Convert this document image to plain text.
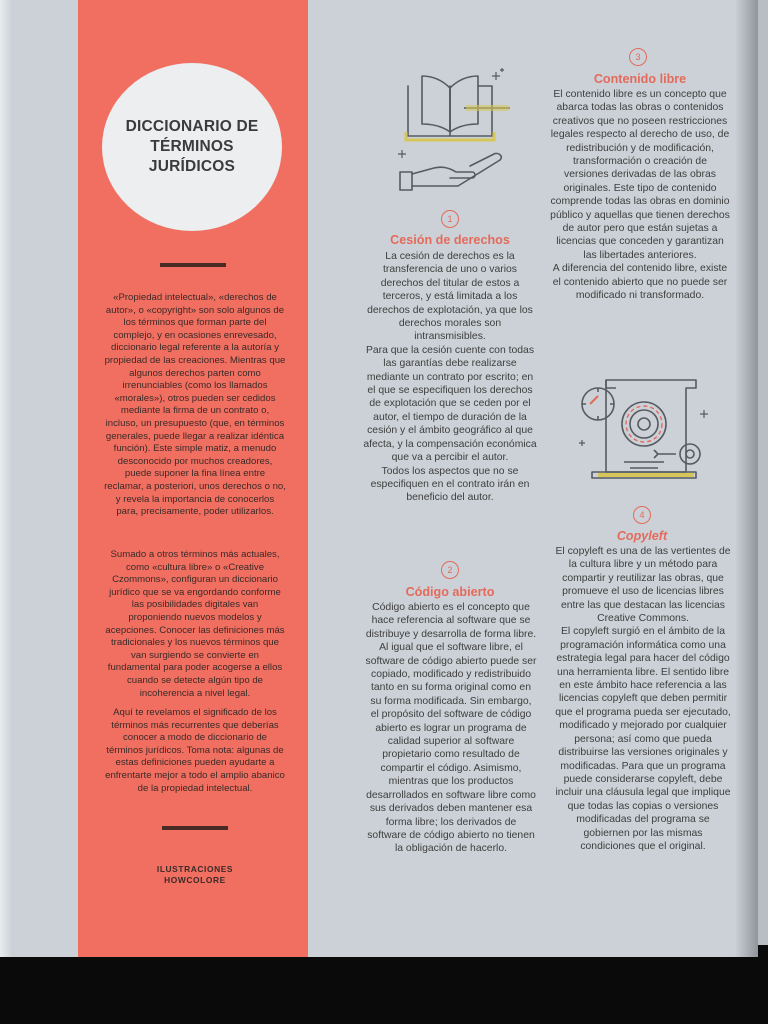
DICCIONARIO DE TÉRMINOS JURÍDICOS

«Propiedad intelectual», «derechos de autor», o «copyright» son solo algunos de los términos que forman parte del complejo, y en ocasiones enrevesado, diccionario legal referente a la autoría y propiedad de las creaciones. Mientras que algunos derechos parten como irrenunciables (como los llamados «morales»), otros pueden ser cedidos mediante la firma de un contrato o, incluso, un presupuesto (que, en términos generales, puede llegar a realizar idéntica función). Este simple matiz, a menudo desconocido por muchos creadores, puede suponer la fina línea entre reclamar, a posteriori, unos derechos o no, y revela la importancia de conocerlos para, precisamente, poder utilizarlos.

Sumado a otros términos más actuales, como «cultura libre» o «Creative Czommons», configuran un diccionario jurídico que se va engordando conforme las posibilidades digitales van proponiendo nuevos modelos y acepciones. Conocer las definiciones más tradicionales y los nuevos términos que van surgiendo se convierte en fundamental para poder acogerse a ellos cuando se detecte algún tipo de incoherencia a nivel legal.

Aquí te revelamos el significado de los términos más recurrentes que deberías conocer a modo de diccionario de términos jurídicos. Toma nota: algunas de estas definiciones pueden ayudarte a enfrentarte mejor a todo el amplio abanico de la propiedad intelectual.

ILUSTRACIONES
HOWCOLORE
1
Cesión de derechos

La cesión de derechos es la transferencia de uno o varios derechos del titular de estos a terceros, y está limitada a los derechos de explotación, ya que los derechos morales son intransmisibles.

Para que la cesión cuente con todas las garantías debe realizarse mediante un contrato por escrito; en el que se especifiquen los derechos de explotación que se ceden por el autor, el tiempo de duración de la cesión y el ámbito geográfico al que afecta, y la compensación económica que va a percibir el autor.

Todos los aspectos que no se especifiquen en el contrato irán en beneficio del autor.

2
Código abierto

Código abierto es el concepto que hace referencia al software que se distribuye y desarrolla de forma libre. Al igual que el software libre, el software de código abierto puede ser copiado, modificado y redistribuido tanto en su forma original como en su forma modificada. Sin embargo, el propósito del software de código abierto es lograr un programa de calidad superior al software propietario como resultado de compartir el código. Asimismo, mientras que los productos desarrollados en software libre como sus derivados deben mantener esa forma libre; los derivados de software de código abierto no tienen la obligación de hacerlo.

3
Contenido libre

El contenido libre es un concepto que abarca todas las obras o contenidos creativos que no poseen restricciones legales respecto al derecho de uso, de redistribución y de modificación, transformación o creación de versiones derivadas de las obras originales. Este tipo de contenido comprende todas las obras en dominio público y aquellas que tienen derechos de autor pero que están sujetas a licencias que conceden y garantizan las libertades anteriores.

A diferencia del contenido libre, existe el contenido abierto que no puede ser modificado ni transformado.

4
Copyleft

El copyleft es una de las vertientes de la cultura libre y un método para compartir y reutilizar las obras, que promueve el uso de licencias libres entre las que destacan las licencias Creative Commons.

El copyleft surgió en el ámbito de la programación informática como una estrategia legal para hacer del código una herramienta libre. El sentido libre en este ámbito hace referencia a las licencias copyleft que deben permitir que el programa pueda ser ejecutado, modificado y mejorado por cualquier persona; así como que pueda distribuirse las versiones originales y modificadas. Para que un programa puede considerarse copyleft, debe incluir una cláusula legal que implique que todas las copias o versiones modificadas del programa se gobiernen por las mismas condiciones que el original.
